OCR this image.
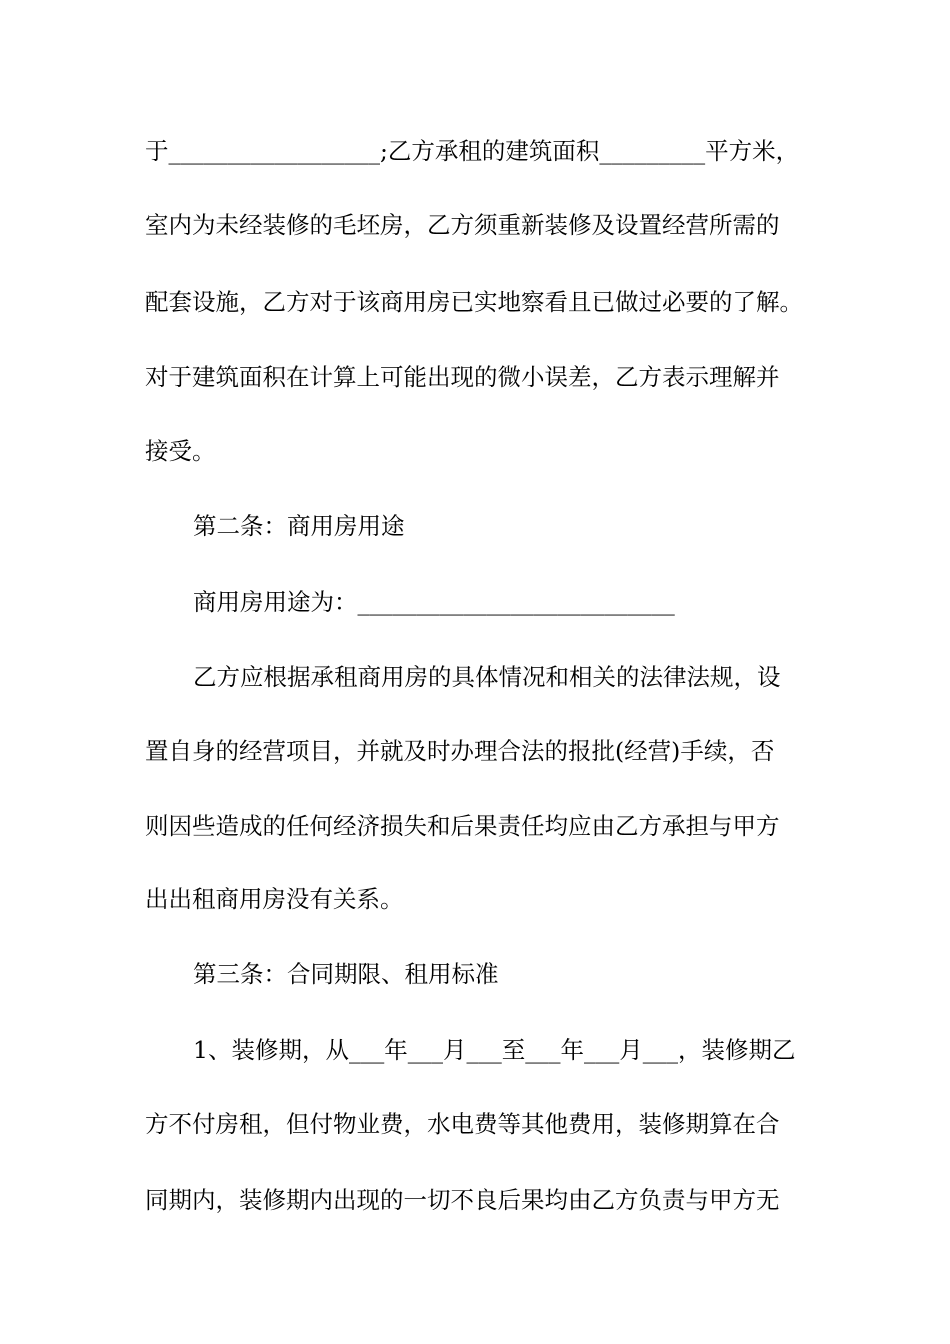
于__________________;乙方承租的建筑面积_________平方米，
室内为未经装修的毛坯房，乙方须重新装修及设置经营所需的
配套设施，乙方对于该商用房已实地察看且已做过必要的了解。
对于建筑面积在计算上可能出现的微小误差，乙方表示理解并
接受。
第二条：商用房用途
商用房用途为：___________________________
乙方应根据承租商用房的具体情况和相关的法律法规，设
置自身的经营项目，并就及时办理合法的报批(经营)手续，否
则因些造成的任何经济损失和后果责任均应由乙方承担与甲方
出出租商用房没有关系。
第三条：合同期限、租用标准
1、装修期，从___年___月___至___年___月___，装修期乙
方不付房租，但付物业费，水电费等其他费用，装修期算在合
同期内，装修期内出现的一切不良后果均由乙方负责与甲方无
